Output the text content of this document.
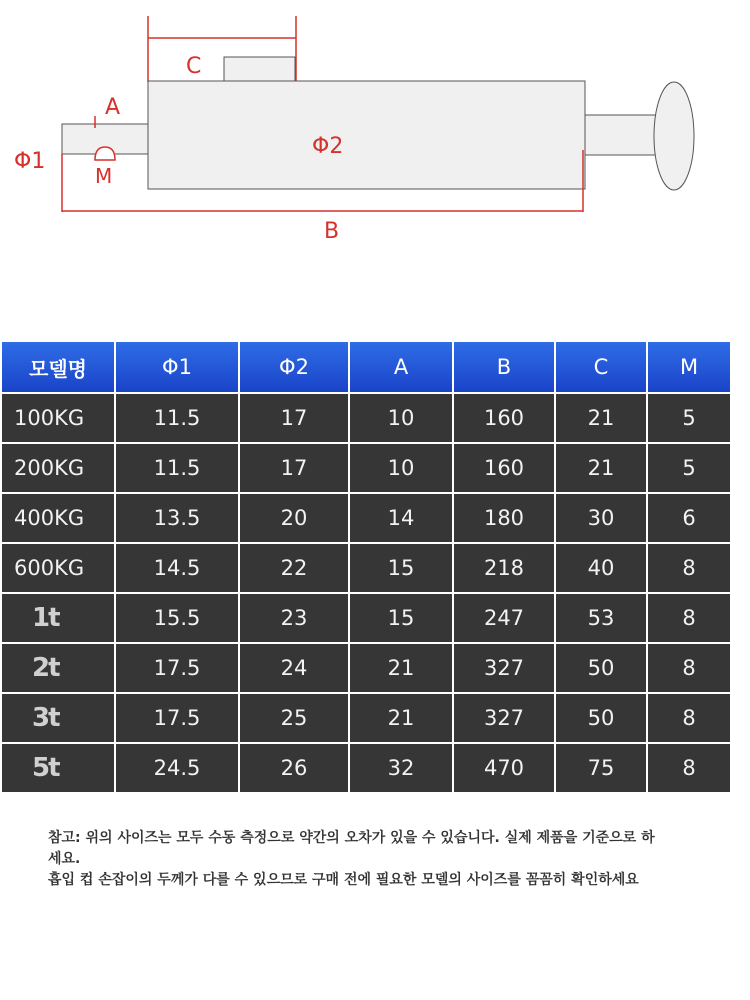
C
A
Φ1
M
Φ2
B
모델명	Φ1	Φ2	A	B	C	M
100KG	11.5	17	10	160	21	5
200KG	11.5	17	10	160	21	5
400KG	13.5	20	14	180	30	6
600KG	14.5	22	15	218	40	8
1t	15.5	23	15	247	53	8
2t	17.5	24	21	327	50	8
3t	17.5	25	21	327	50	8
5t	24.5	26	32	470	75	8

참고: 위의 사이즈는 모두 수동 측정으로 약간의 오차가 있을 수 있습니다. 실제 제품을 기준으로 하세요.

흡입 컵 손잡이의 두께가 다를 수 있으므로 구매 전에 필요한 모델의 사이즈를 꼼꼼히 확인하세요
